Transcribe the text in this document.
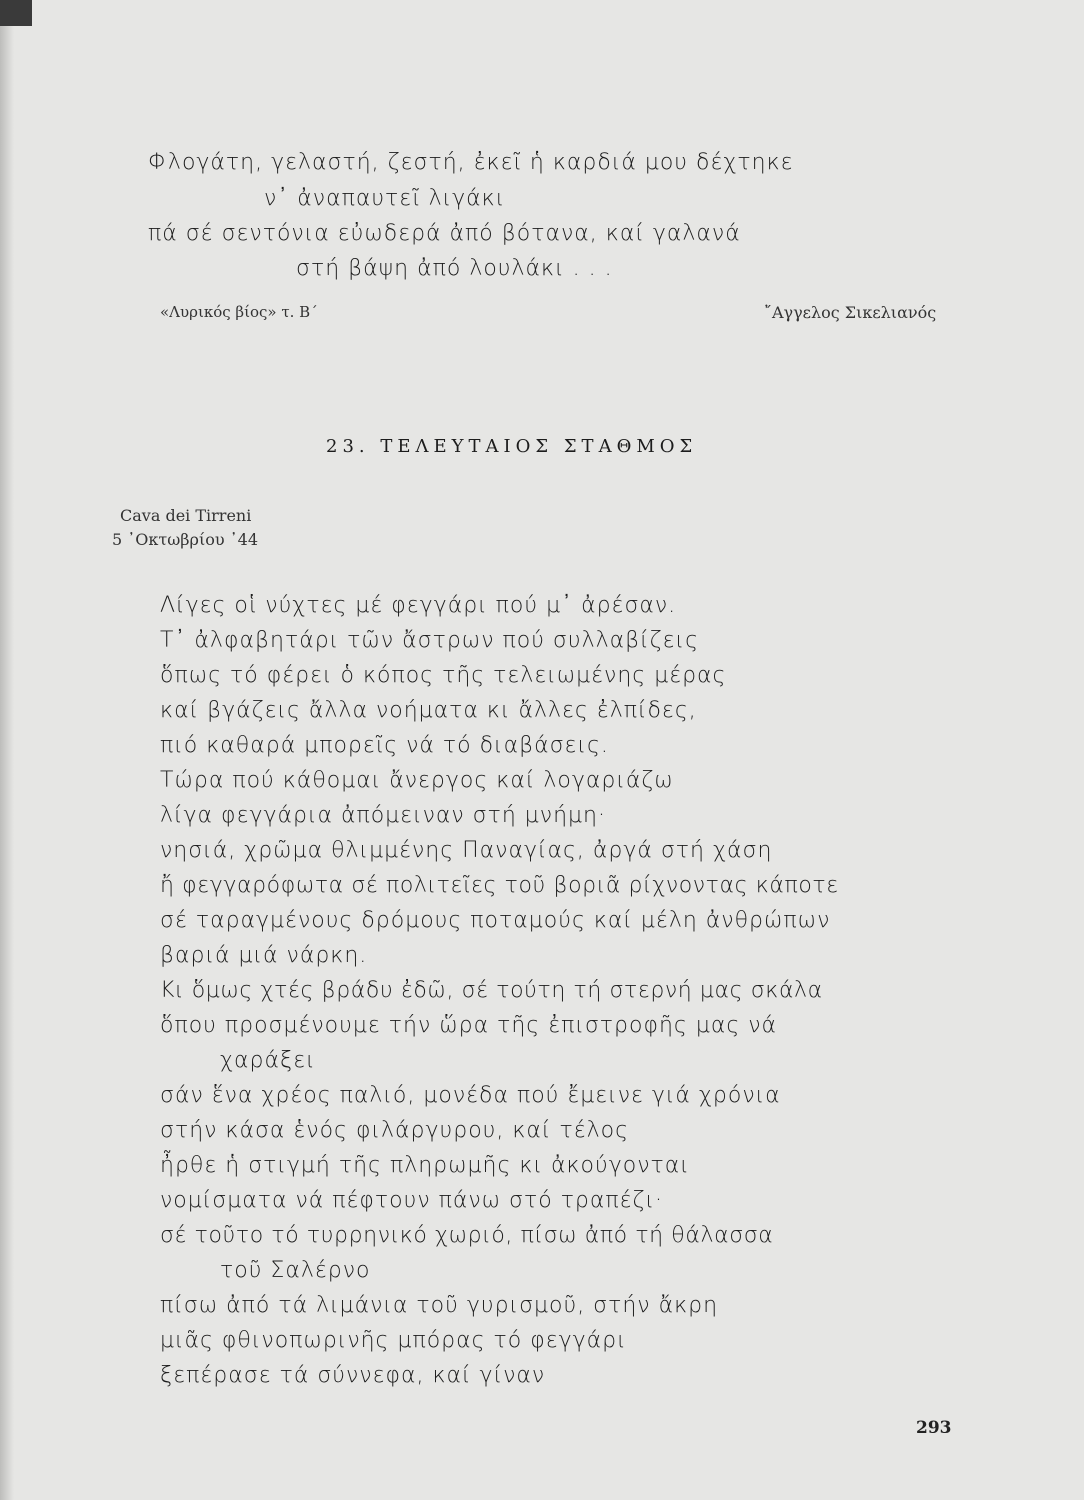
Φλογάτη, γελαστή, ζεστή, ἐκεῖ ἡ καρδιά μου δέχτηκε
ν᾿ ἀναπαυτεῖ λιγάκι
πά σέ σεντόνια εὐωδερά ἀπό βότανα, καί γαλανά
στή βάψη ἀπό λουλάκι . . .
«Λυρικός βίος» τ. Β΄	῎Αγγελος Σικελιανός
23. ΤΕΛΕΥΤΑΙΟΣ ΣΤΑΘΜΟΣ
Cava dei Tirreni
5 ᾿Οκτωβρίου ᾿44
Λίγες οἱ νύχτες μέ φεγγάρι πού μ᾿ ἀρέσαν.
Τ᾿ ἀλφαβητάρι τῶν ἄστρων πού συλλαβίζεις
ὅπως τό φέρει ὁ κόπος τῆς τελειωμένης μέρας
καί βγάζεις ἄλλα νοήματα κι ἄλλες ἐλπίδες,
πιό καθαρά μπορεῖς νά τό διαβάσεις.
Τώρα πού κάθομαι ἄνεργος καί λογαριάζω
λίγα φεγγάρια ἀπόμειναν στή μνήμη·
νησιά, χρῶμα θλιμμένης Παναγίας, ἀργά στή χάση
ἤ φεγγαρόφωτα σέ πολιτεῖες τοῦ βοριᾶ ρίχνοντας κάποτε
σέ ταραγμένους δρόμους ποταμούς καί μέλη ἀνθρώπων
βαριά μιά νάρκη.
Κι ὅμως χτές βράδυ ἐδῶ, σέ τούτη τή στερνή μας σκάλα
ὅπου προσμένουμε τήν ὥρα τῆς ἐπιστροφῆς μας νά
χαράξει
σάν ἕνα χρέος παλιό, μονέδα πού ἔμεινε γιά χρόνια
στήν κάσα ἑνός φιλάργυρου, καί τέλος
ἦρθε ἡ στιγμή τῆς πληρωμῆς κι ἀκούγονται
νομίσματα νά πέφτουν πάνω στό τραπέζι·
σέ τοῦτο τό τυρρηνικό χωριό, πίσω ἀπό τή θάλασσα
τοῦ Σαλέρνο
πίσω ἀπό τά λιμάνια τοῦ γυρισμοῦ, στήν ἄκρη
μιᾶς φθινοπωρινῆς μπόρας τό φεγγάρι
ξεπέρασε τά σύννεφα, καί γίναν
293
